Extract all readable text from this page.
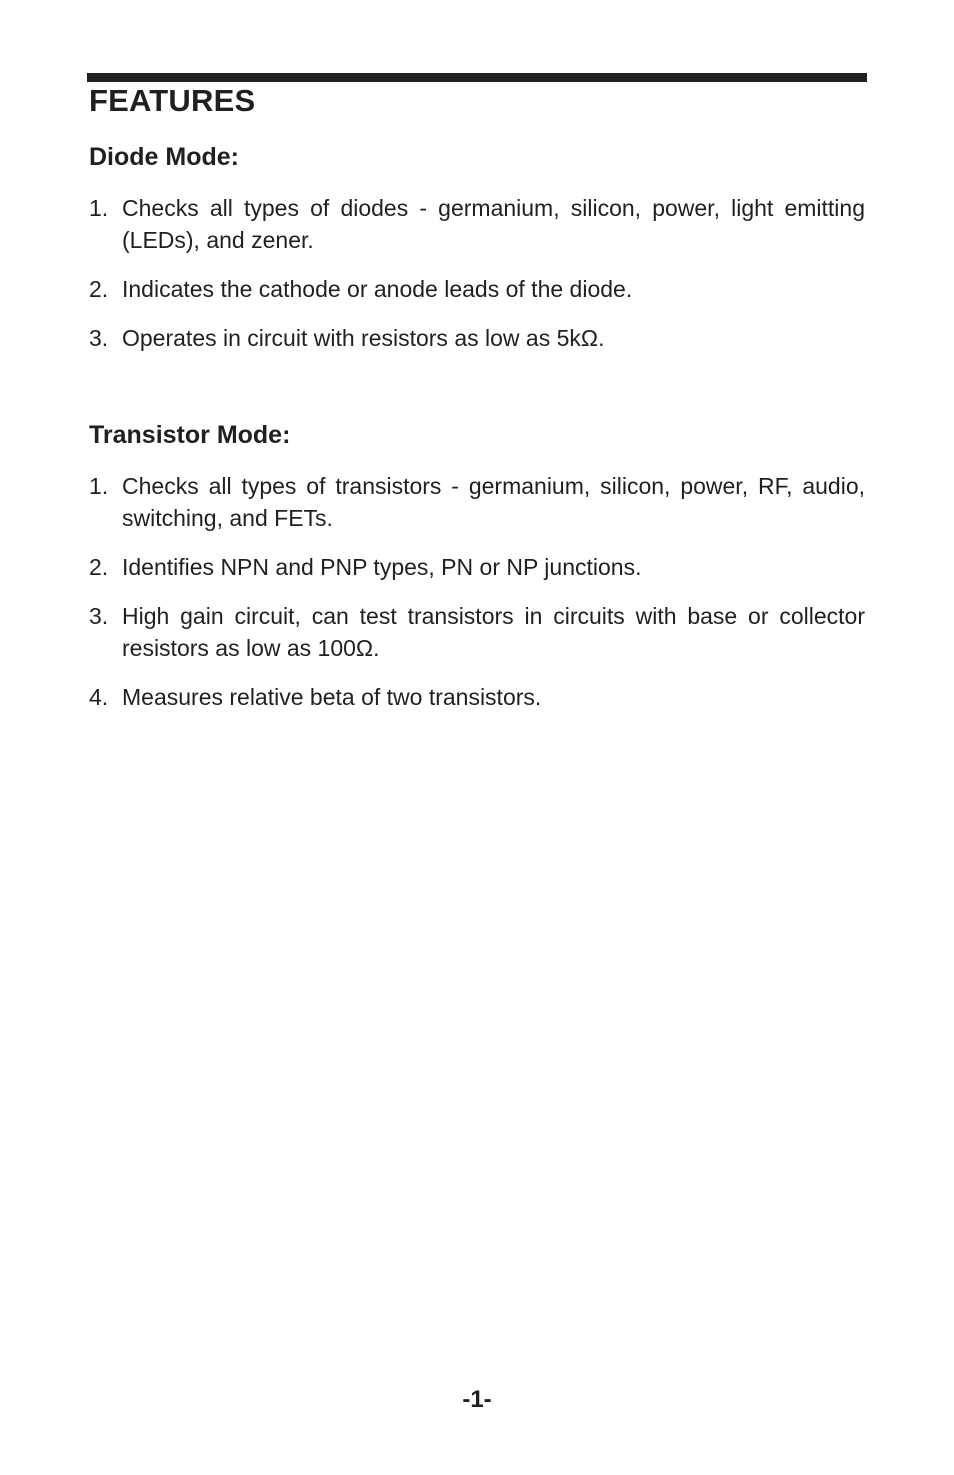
FEATURES
Diode Mode:
1. Checks all types of diodes - germanium, silicon, power, light emitting (LEDs), and zener.
2. Indicates the cathode or anode leads of the diode.
3. Operates in circuit with resistors as low as 5kΩ.
Transistor Mode:
1. Checks all types of transistors - germanium, silicon, power, RF, audio, switching, and FETs.
2. Identifies NPN and PNP types, PN or NP junctions.
3. High gain circuit, can test transistors in circuits with base or collector resistors as low as 100Ω.
4. Measures relative beta of two transistors.
-1-
